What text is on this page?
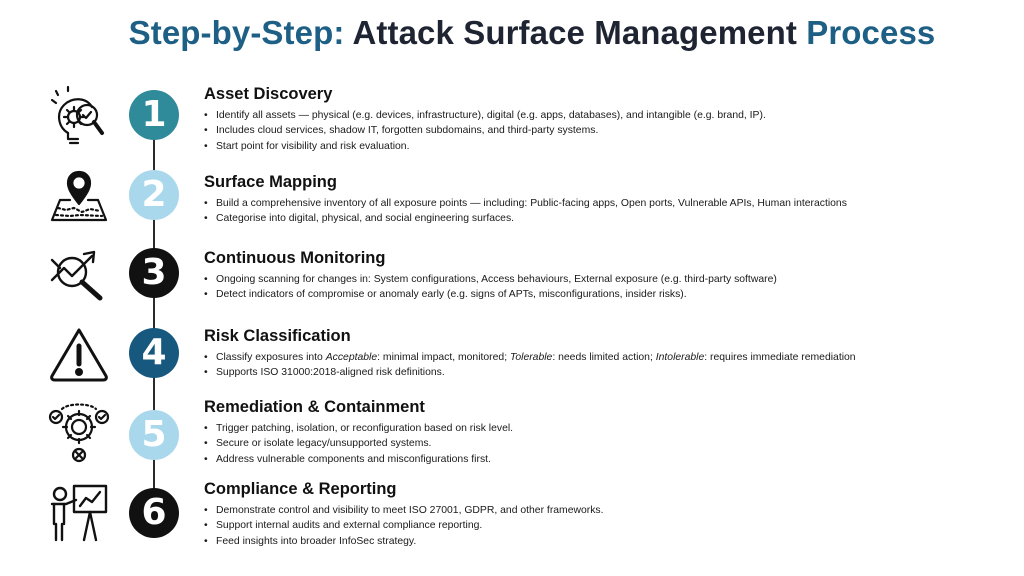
Step-by-Step: Attack Surface Management Process
1	Asset Discovery
• Identify all assets — physical (e.g. devices, infrastructure), digital (e.g. apps, databases), and intangible (e.g. brand, IP).
• Includes cloud services, shadow IT, forgotten subdomains, and third-party systems.
• Start point for visibility and risk evaluation.
2	Surface Mapping
• Build a comprehensive inventory of all exposure points — including: Public-facing apps, Open ports, Vulnerable APIs, Human interactions
• Categorise into digital, physical, and social engineering surfaces.
3	Continuous Monitoring
• Ongoing scanning for changes in: System configurations, Access behaviours, External exposure (e.g. third-party software)
• Detect indicators of compromise or anomaly early (e.g. signs of APTs, misconfigurations, insider risks).
4	Risk Classification
• Classify exposures into Acceptable: minimal impact, monitored; Tolerable: needs limited action; Intolerable: requires immediate remediation
• Supports ISO 31000:2018-aligned risk definitions.
5
Remediation & Containment
• Trigger patching, isolation, or reconfiguration based on risk level.
• Secure or isolate legacy/unsupported systems.
• Address vulnerable components and misconfigurations first.
6
Compliance & Reporting
• Demonstrate control and visibility to meet ISO 27001, GDPR, and other frameworks.
• Support internal audits and external compliance reporting.
• Feed insights into broader InfoSec strategy.
